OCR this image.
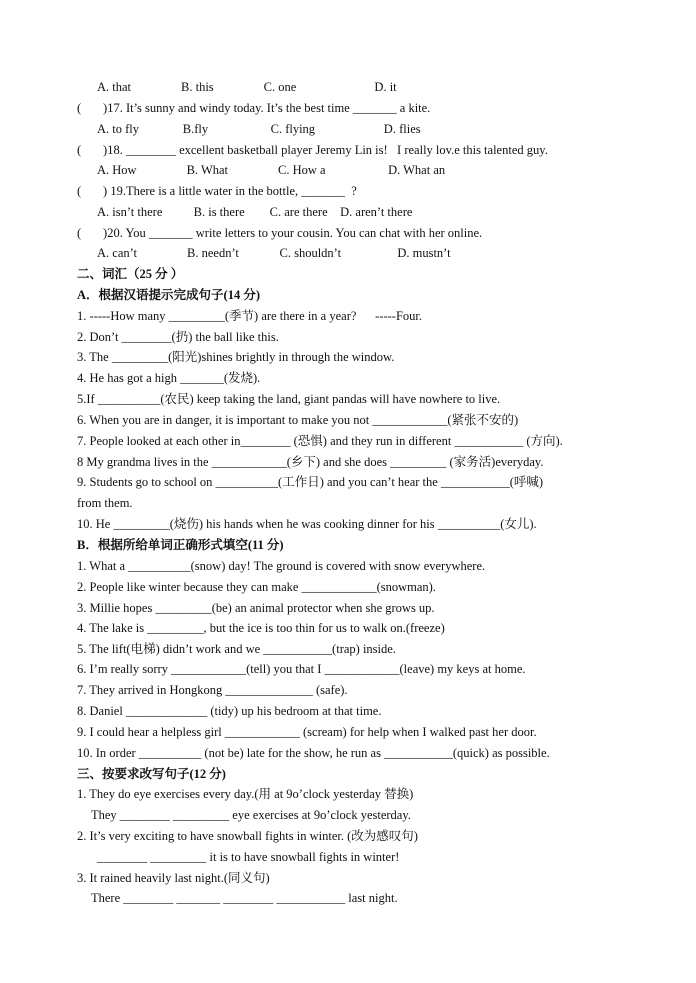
A. that                B. this                C. one                         D. it
(       )17. It’s sunny and windy today. It’s the best time _______ a kite.
A. to fly              B.fly                    C. flying                      D. flies
(       )18. ________ excellent basketball player Jeremy Lin is!   I really lov.e this talented guy.
A. How                B. What                C. How a                    D. What an
(       ) 19.There is a little water in the bottle, _______  ?
A. isn’t there          B. is there        C. are there    D. aren’t there
(       )20. You _______ write letters to your cousin. You can chat with her online.
A. can’t                B. needn’t             C. shouldn’t                  D. mustn’t
二、词汇（25 分 ）
A．根据汉语提示完成句子(14 分)
1. -----How many _________(季节) are there in a year?      -----Four.
2. Don’t ________(扔) the ball like this.
3. The _________(阳光)shines brightly in through the window.
4. He has got a high _______(发烧).
5.If __________(农民) keep taking the land, giant pandas will have nowhere to live.
6. When you are in danger, it is important to make you not ____________(紧张不安的)
7. People looked at each other in________ (恐惧) and they run in different ___________ (方向).
8 My grandma lives in the ____________(乡下) and she does _________ (家务活)everyday.
9. Students go to school on __________(工作日) and you can’t hear the ___________(呼喊)
from them.
10. He _________(烧伤) his hands when he was cooking dinner for his __________(女儿).
B．根据所给单词正确形式填空(11 分)
1. What a __________(snow) day! The ground is covered with snow everywhere.
2. People like winter because they can make ____________(snowman).
3. Millie hopes _________(be) an animal protector when she grows up.
4. The lake is _________, but the ice is too thin for us to walk on.(freeze)
5. The lift(电梯) didn’t work and we ___________(trap) inside.
6. I’m really sorry ____________(tell) you that I ____________(leave) my keys at home.
7. They arrived in Hongkong ______________ (safe).
8. Daniel _____________ (tidy) up his bedroom at that time.
9. I could hear a helpless girl ____________ (scream) for help when I walked past her door.
10. In order __________ (not be) late for the show, he run as ___________(quick) as possible.
三、按要求改写句子(12 分)
1. They do eye exercises every day.(用 at 9o’clock yesterday 替换)
They ________ _________ eye exercises at 9o’clock yesterday.
2. It’s very exciting to have snowball fights in winter. (改为感叹句)
________ _________ it is to have snowball fights in winter!
3. It rained heavily last night.(同义句)
There ________ _______ ________ ___________ last night.
